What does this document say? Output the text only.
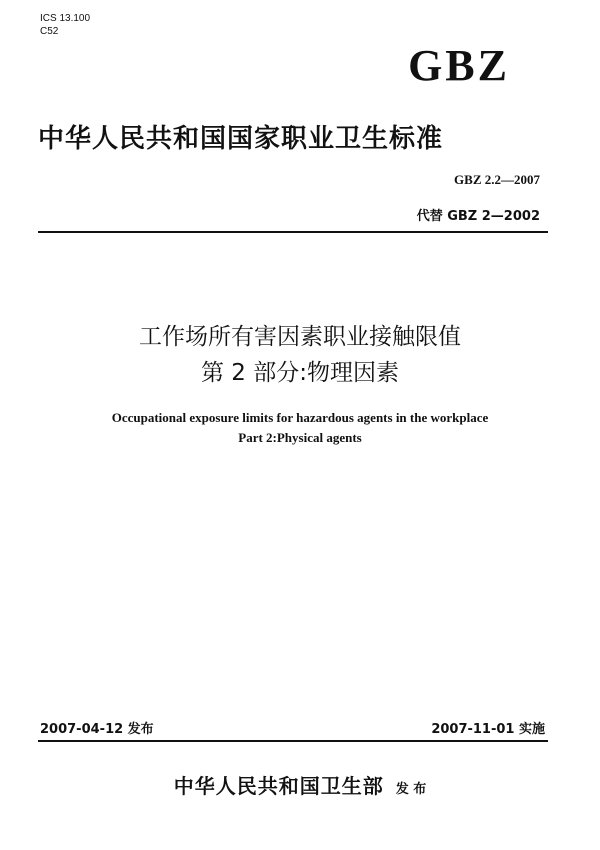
ICS 13.100
C52
GBZ
中华人民共和国国家职业卫生标准
GBZ 2.2—2007
代替 GBZ 2—2002
工作场所有害因素职业接触限值
第 2 部分:物理因素
Occupational exposure limits for hazardous agents in the workplace
Part 2:Physical agents
2007-04-12 发布	2007-11-01 实施
中华人民共和国卫生部 发 布
